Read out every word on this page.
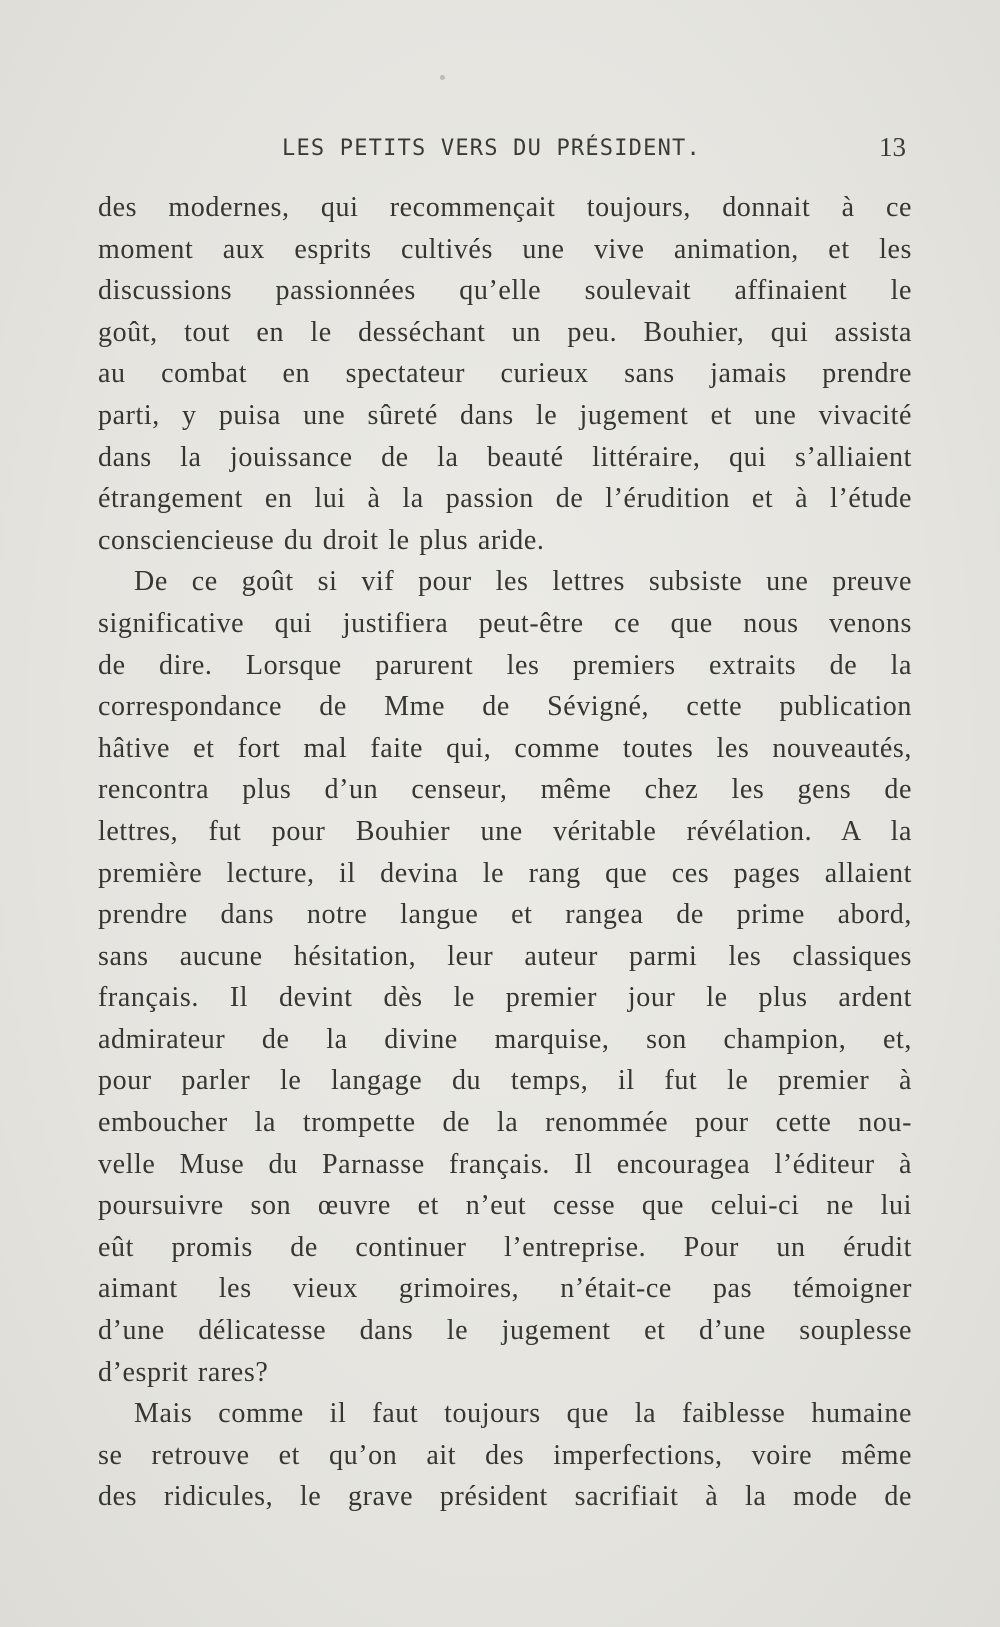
LES PETITS VERS DU PRÉSIDENT.	13
des modernes, qui recommençait toujours, donnait à ce
moment aux esprits cultivés une vive animation, et les
discussions passionnées qu’elle soulevait affinaient le
goût, tout en le desséchant un peu. Bouhier, qui assista
au combat en spectateur curieux sans jamais prendre
parti, y puisa une sûreté dans le jugement et une vivacité
dans la jouissance de la beauté littéraire, qui s’alliaient
étrangement en lui à la passion de l’érudition et à l’étude
consciencieuse du droit le plus aride.
De ce goût si vif pour les lettres subsiste une preuve
significative qui justifiera peut-être ce que nous venons
de dire. Lorsque parurent les premiers extraits de la
correspondance de Mme de Sévigné, cette publication
hâtive et fort mal faite qui, comme toutes les nouveautés,
rencontra plus d’un censeur, même chez les gens de
lettres, fut pour Bouhier une véritable révélation. A la
première lecture, il devina le rang que ces pages allaient
prendre dans notre langue et rangea de prime abord,
sans aucune hésitation, leur auteur parmi les classiques
français. Il devint dès le premier jour le plus ardent
admirateur de la divine marquise, son champion, et,
pour parler le langage du temps, il fut le premier à
emboucher la trompette de la renommée pour cette nou-
velle Muse du Parnasse français. Il encouragea l’éditeur à
poursuivre son œuvre et n’eut cesse que celui-ci ne lui
eût promis de continuer l’entreprise. Pour un érudit
aimant les vieux grimoires, n’était-ce pas témoigner
d’une délicatesse dans le jugement et d’une souplesse
d’esprit rares?
Mais comme il faut toujours que la faiblesse humaine
se retrouve et qu’on ait des imperfections, voire même
des ridicules, le grave président sacrifiait à la mode de
